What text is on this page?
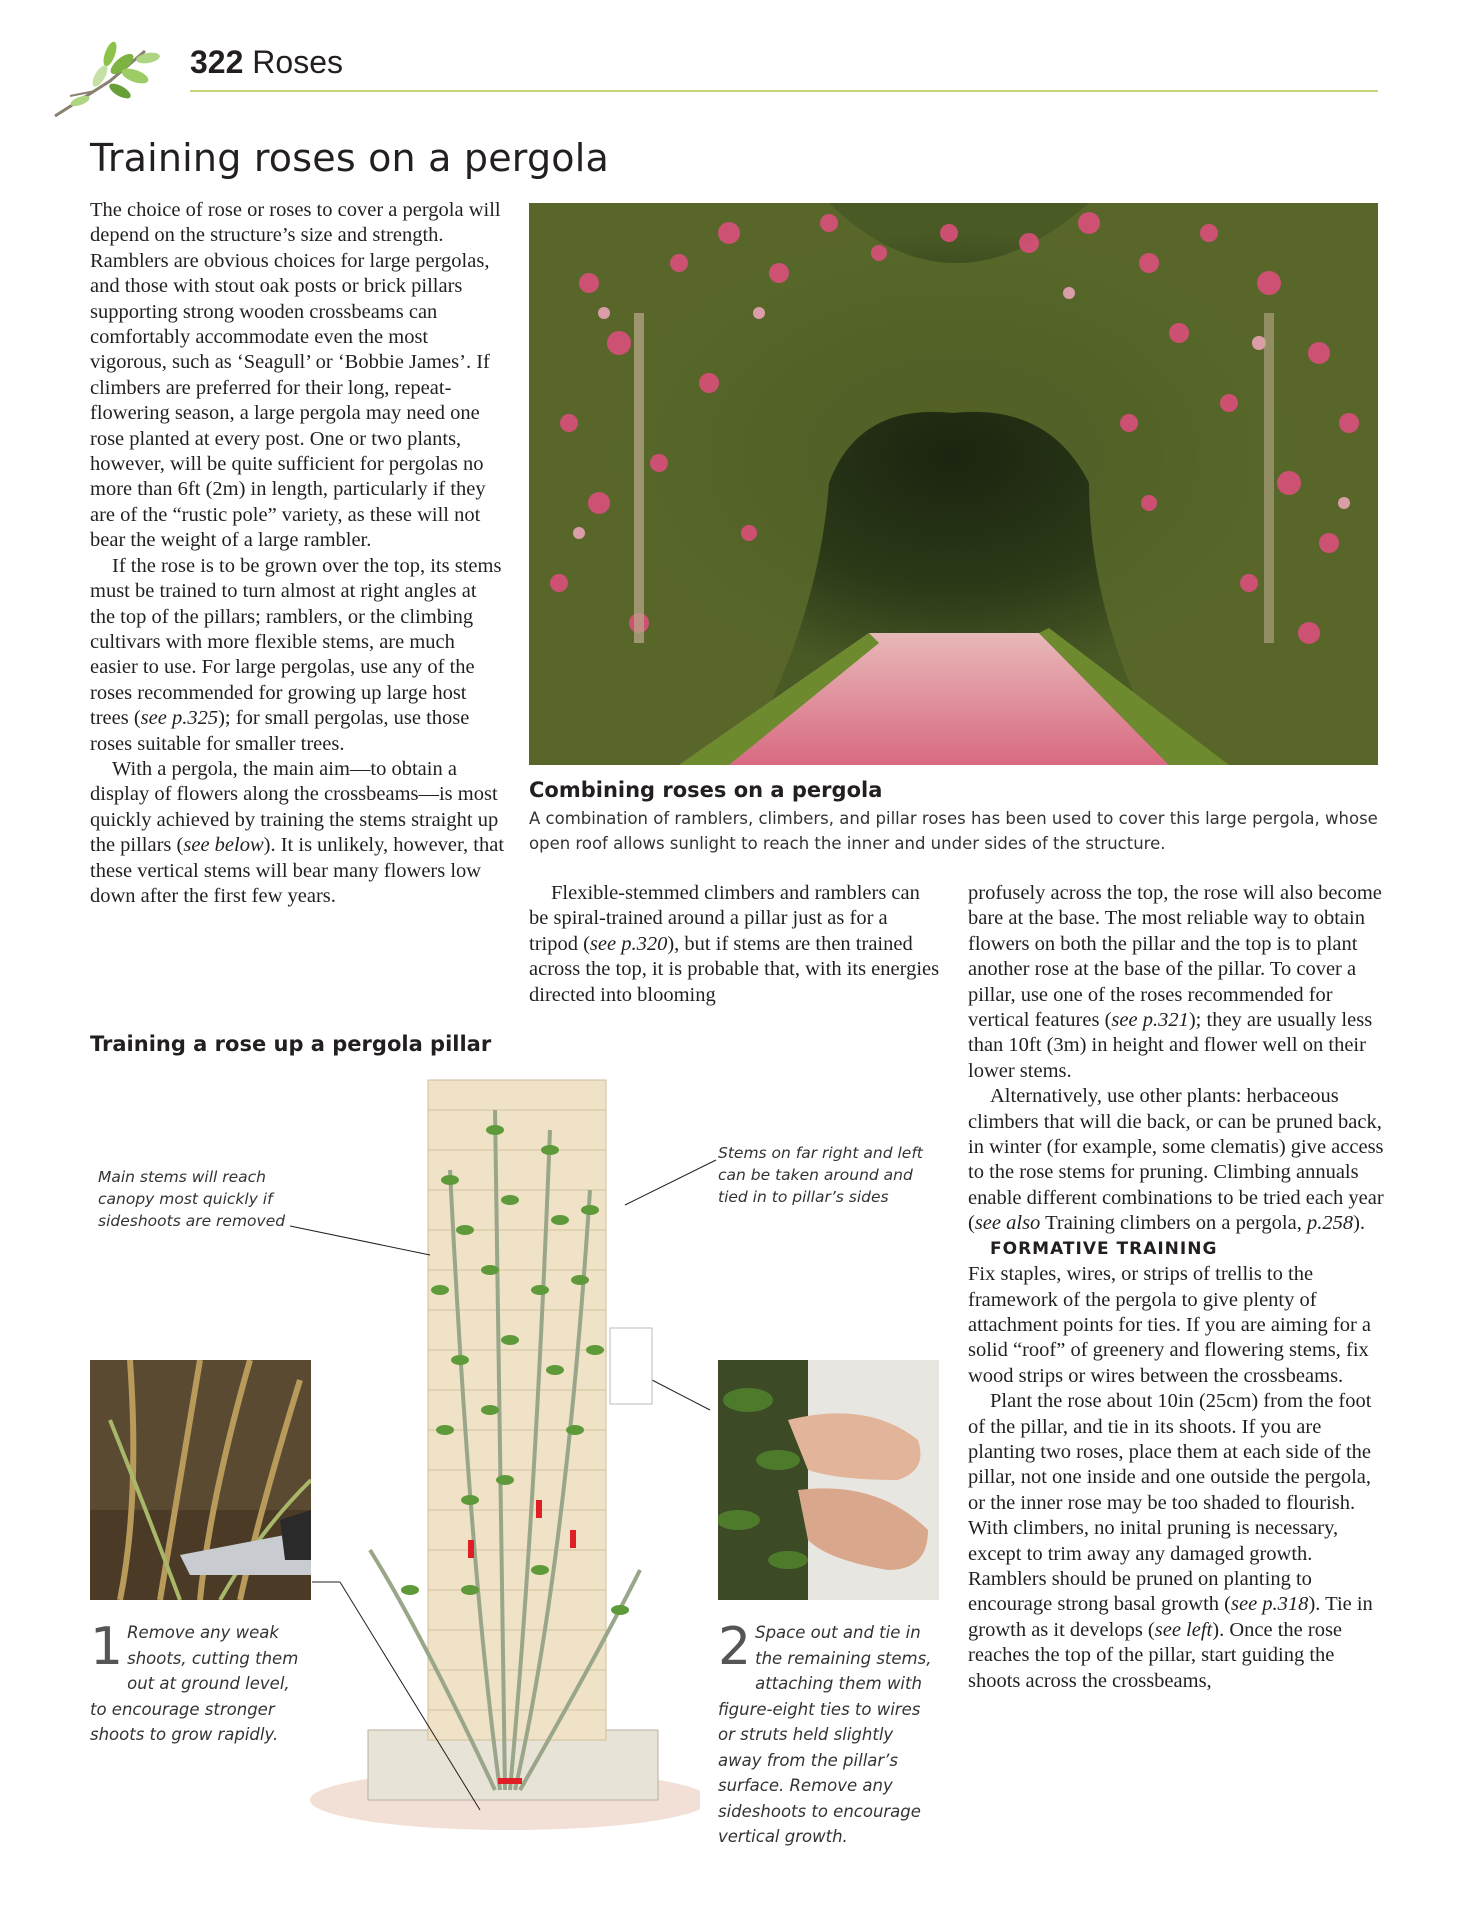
322 Roses
Training roses on a pergola

The choice of rose or roses to cover a pergola will depend on the structure’s size and strength. Ramblers are obvious choices for large pergolas, and those with stout oak posts or brick pillars supporting strong wooden crossbeams can comfortably accommodate even the most vigorous, such as ‘Seagull’ or ‘Bobbie James’. If climbers are preferred for their long, repeat-flowering season, a large pergola may need one rose planted at every post. One or two plants, however, will be quite sufficient for pergolas no more than 6ft (2m) in length, particularly if they are of the “rustic pole” variety, as these will not bear the weight of a large rambler.

If the rose is to be grown over the top, its stems must be trained to turn almost at right angles at the top of the pillars; ramblers, or the climbing cultivars with more flexible stems, are much easier to use. For large pergolas, use any of the roses recommended for growing up large host trees (see p.325); for small pergolas, use those roses suitable for smaller trees.

With a pergola, the main aim—to obtain a display of flowers along the crossbeams—is most quickly achieved by training the stems straight up the pillars (see below). It is unlikely, however, that these vertical stems will bear many flowers low down after the first few years.

Combining roses on a pergola
A combination of ramblers, climbers, and pillar roses has been used to cover this large pergola, whose open roof allows sunlight to reach the inner and under sides of the structure.

Flexible-stemmed climbers and ramblers can be spiral-trained around a pillar just as for a tripod (see p.320), but if stems are then trained across the top, it is probable that, with its energies directed into blooming

profusely across the top, the rose will also become bare at the base. The most reliable way to obtain flowers on both the pillar and the top is to plant another rose at the base of the pillar. To cover a pillar, use one of the roses recommended for vertical features (see p.321); they are usually less than 10ft (3m) in height and flower well on their lower stems.

Alternatively, use other plants: herbaceous climbers that will die back, or can be pruned back, in winter (for example, some clematis) give access to the rose stems for pruning. Climbing annuals enable different combinations to be tried each year (see also Training climbers on a pergola, p.258).

FORMATIVE TRAINING

Fix staples, wires, or strips of trellis to the framework of the pergola to give plenty of attachment points for ties. If you are aiming for a solid “roof” of greenery and flowering stems, fix wood strips or wires between the crossbeams.

Plant the rose about 10in (25cm) from the foot of the pillar, and tie in its shoots. If you are planting two roses, place them at each side of the pillar, not one inside and one outside the pergola, or the inner rose may be too shaded to flourish. With climbers, no inital pruning is necessary, except to trim away any damaged growth. Ramblers should be pruned on planting to encourage strong basal growth (see p.318). Tie in growth as it develops (see left). Once the rose reaches the top of the pillar, start guiding the shoots across the crossbeams,

Training a rose up a pergola pillar
Main stems will reach canopy most quickly if sideshoots are removed
Stems on far right and left can be taken around and tied in to pillar’s sides
1 Remove any weak shoots, cutting them out at ground level, to encourage stronger shoots to grow rapidly.
2 Space out and tie in the remaining stems, attaching them with figure-eight ties to wires or struts held slightly away from the pillar’s surface. Remove any sideshoots to encourage vertical growth.
